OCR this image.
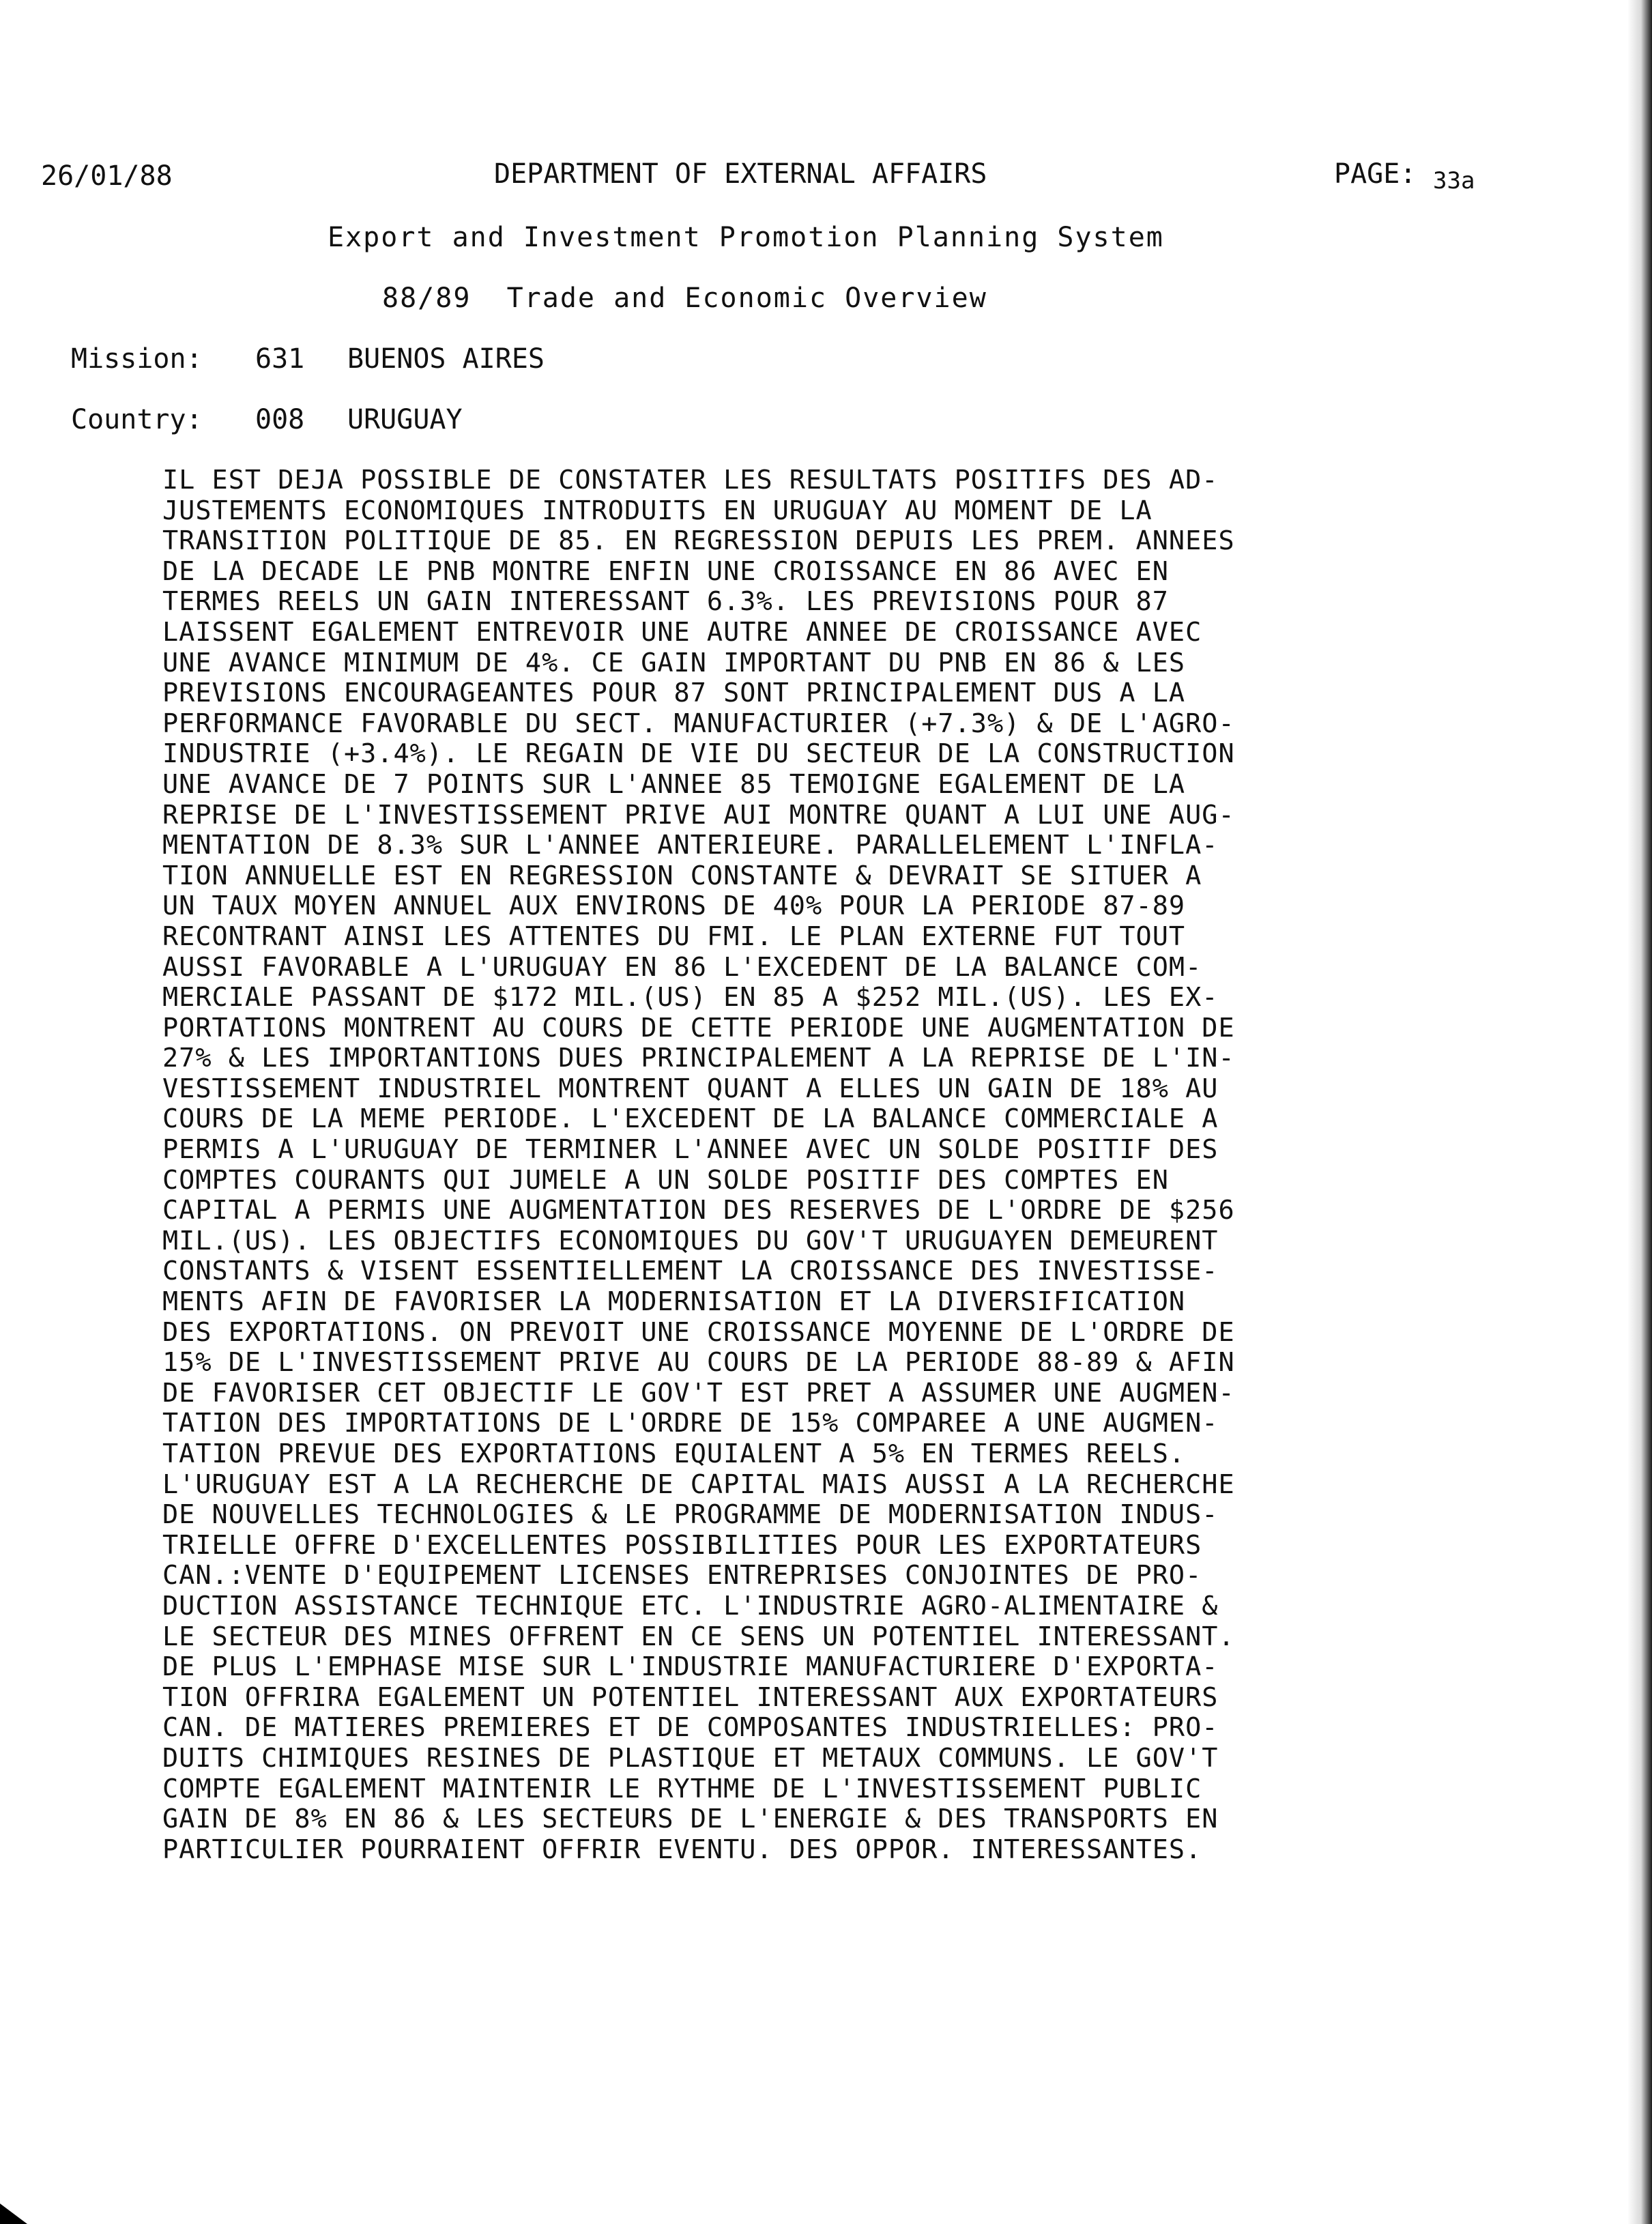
26/01/88	DEPARTMENT OF EXTERNAL AFFAIRS	PAGE: 33a
Export and Investment Promotion Planning System
88/89  Trade and Economic Overview
Mission: 631 BUENOS AIRES
Country: 008 URUGUAY
IL EST DEJA POSSIBLE DE CONSTATER LES RESULTATS POSITIFS DES AD-
JUSTEMENTS ECONOMIQUES INTRODUITS EN URUGUAY AU MOMENT DE LA
TRANSITION POLITIQUE DE 85. EN REGRESSION DEPUIS LES PREM. ANNEES
DE LA DECADE LE PNB MONTRE ENFIN UNE CROISSANCE EN 86 AVEC EN
TERMES REELS UN GAIN INTERESSANT 6.3%. LES PREVISIONS POUR 87
LAISSENT EGALEMENT ENTREVOIR UNE AUTRE ANNEE DE CROISSANCE AVEC
UNE AVANCE MINIMUM DE 4%. CE GAIN IMPORTANT DU PNB EN 86 & LES
PREVISIONS ENCOURAGEANTES POUR 87 SONT PRINCIPALEMENT DUS A LA
PERFORMANCE FAVORABLE DU SECT. MANUFACTURIER (+7.3%) & DE L'AGRO-
INDUSTRIE (+3.4%). LE REGAIN DE VIE DU SECTEUR DE LA CONSTRUCTION
UNE AVANCE DE 7 POINTS SUR L'ANNEE 85 TEMOIGNE EGALEMENT DE LA
REPRISE DE L'INVESTISSEMENT PRIVE AUI MONTRE QUANT A LUI UNE AUG-
MENTATION DE 8.3% SUR L'ANNEE ANTERIEURE. PARALLELEMENT L'INFLA-
TION ANNUELLE EST EN REGRESSION CONSTANTE & DEVRAIT SE SITUER A
UN TAUX MOYEN ANNUEL AUX ENVIRONS DE 40% POUR LA PERIODE 87-89
RECONTRANT AINSI LES ATTENTES DU FMI. LE PLAN EXTERNE FUT TOUT
AUSSI FAVORABLE A L'URUGUAY EN 86 L'EXCEDENT DE LA BALANCE COM-
MERCIALE PASSANT DE $172 MIL.(US) EN 85 A $252 MIL.(US). LES EX-
PORTATIONS MONTRENT AU COURS DE CETTE PERIODE UNE AUGMENTATION DE
27% & LES IMPORTANTIONS DUES PRINCIPALEMENT A LA REPRISE DE L'IN-
VESTISSEMENT INDUSTRIEL MONTRENT QUANT A ELLES UN GAIN DE 18% AU
COURS DE LA MEME PERIODE. L'EXCEDENT DE LA BALANCE COMMERCIALE A
PERMIS A L'URUGUAY DE TERMINER L'ANNEE AVEC UN SOLDE POSITIF DES
COMPTES COURANTS QUI JUMELE A UN SOLDE POSITIF DES COMPTES EN
CAPITAL A PERMIS UNE AUGMENTATION DES RESERVES DE L'ORDRE DE $256
MIL.(US). LES OBJECTIFS ECONOMIQUES DU GOV'T URUGUAYEN DEMEURENT
CONSTANTS & VISENT ESSENTIELLEMENT LA CROISSANCE DES INVESTISSE-
MENTS AFIN DE FAVORISER LA MODERNISATION ET LA DIVERSIFICATION
DES EXPORTATIONS. ON PREVOIT UNE CROISSANCE MOYENNE DE L'ORDRE DE
15% DE L'INVESTISSEMENT PRIVE AU COURS DE LA PERIODE 88-89 & AFIN
DE FAVORISER CET OBJECTIF LE GOV'T EST PRET A ASSUMER UNE AUGMEN-
TATION DES IMPORTATIONS DE L'ORDRE DE 15% COMPAREE A UNE AUGMEN-
TATION PREVUE DES EXPORTATIONS EQUIALENT A 5% EN TERMES REELS.
L'URUGUAY EST A LA RECHERCHE DE CAPITAL MAIS AUSSI A LA RECHERCHE
DE NOUVELLES TECHNOLOGIES & LE PROGRAMME DE MODERNISATION INDUS-
TRIELLE OFFRE D'EXCELLENTES POSSIBILITIES POUR LES EXPORTATEURS
CAN.:VENTE D'EQUIPEMENT LICENSES ENTREPRISES CONJOINTES DE PRO-
DUCTION ASSISTANCE TECHNIQUE ETC. L'INDUSTRIE AGRO-ALIMENTAIRE &
LE SECTEUR DES MINES OFFRENT EN CE SENS UN POTENTIEL INTERESSANT.
DE PLUS L'EMPHASE MISE SUR L'INDUSTRIE MANUFACTURIERE D'EXPORTA-
TION OFFRIRA EGALEMENT UN POTENTIEL INTERESSANT AUX EXPORTATEURS
CAN. DE MATIERES PREMIERES ET DE COMPOSANTES INDUSTRIELLES: PRO-
DUITS CHIMIQUES RESINES DE PLASTIQUE ET METAUX COMMUNS. LE GOV'T
COMPTE EGALEMENT MAINTENIR LE RYTHME DE L'INVESTISSEMENT PUBLIC
GAIN DE 8% EN 86 & LES SECTEURS DE L'ENERGIE & DES TRANSPORTS EN
PARTICULIER POURRAIENT OFFRIR EVENTU. DES OPPOR. INTERESSANTES.
